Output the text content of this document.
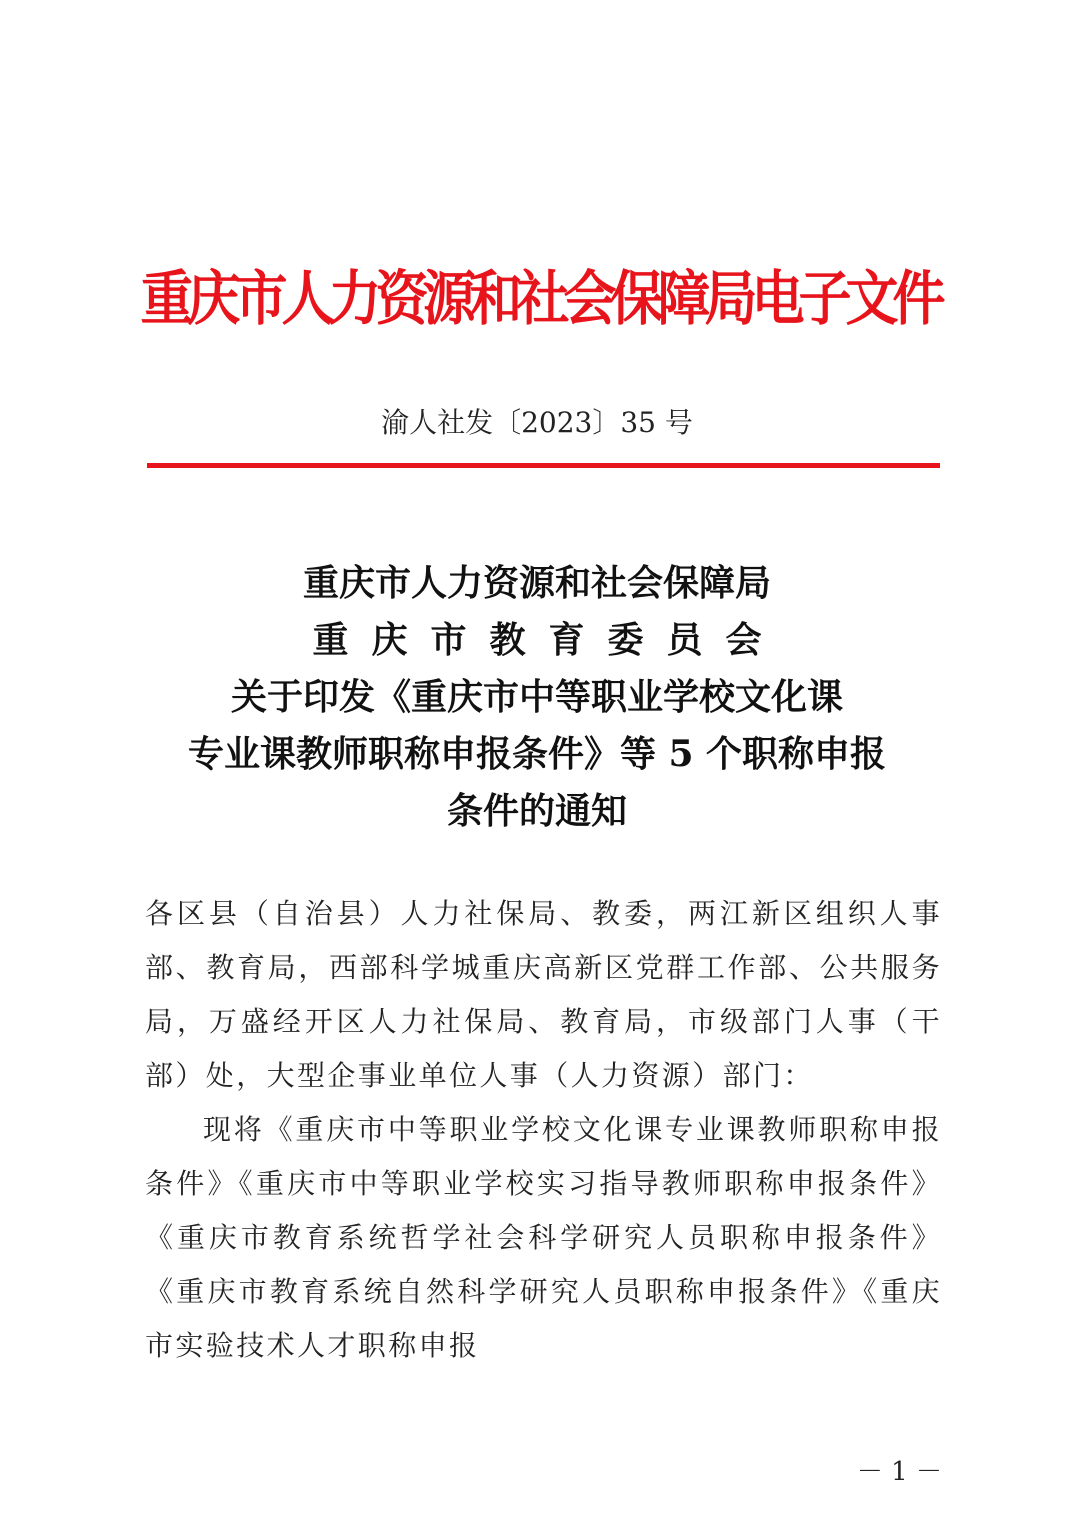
重庆市人力资源和社会保障局电子文件
渝人社发〔2023〕35 号
重庆市人力资源和社会保障局
重庆市教育委员会
关于印发《重庆市中等职业学校文化课
专业课教师职称申报条件》等 5 个职称申报
条件的通知

各区县（自治县）人力社保局、教委，两江新区组织人事部、教育局，西部科学城重庆高新区党群工作部、公共服务局，万盛经开区人力社保局、教育局，市级部门人事（干部）处，大型企事业单位人事（人力资源）部门：

现将《重庆市中等职业学校文化课专业课教师职称申报条件》《重庆市中等职业学校实习指导教师职称申报条件》《重庆市教育系统哲学社会科学研究人员职称申报条件》《重庆市教育系统自然科学研究人员职称申报条件》《重庆市实验技术人才职称申报

－ 1 －
